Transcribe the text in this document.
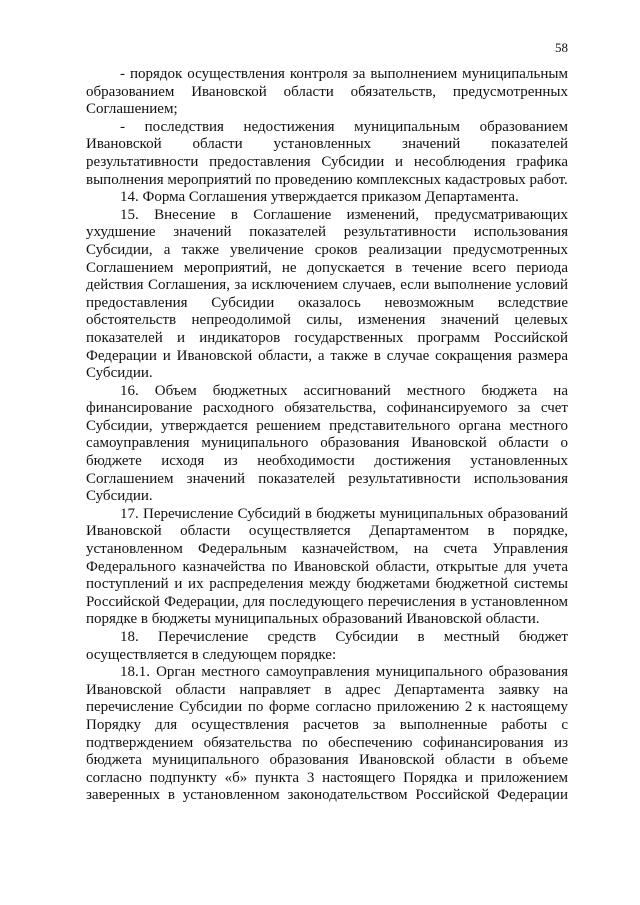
58

- порядок осуществления контроля за выполнением муниципальным образованием Ивановской области обязательств, предусмотренных Соглашением;

- последствия недостижения муниципальным образованием Ивановской области установленных значений показателей результативности предоставления Субсидии и несоблюдения графика выполнения мероприятий по проведению комплексных кадастровых работ.

14. Форма Соглашения утверждается приказом Департамента.

15. Внесение в Соглашение изменений, предусматривающих ухудшение значений показателей результативности использования Субсидии, а также увеличение сроков реализации предусмотренных Соглашением мероприятий, не допускается в течение всего периода действия Соглашения, за исключением случаев, если выполнение условий предоставления Субсидии оказалось невозможным вследствие обстоятельств непреодолимой силы, изменения значений целевых показателей и индикаторов государственных программ Российской Федерации и Ивановской области, а также в случае сокращения размера Субсидии.

16. Объем бюджетных ассигнований местного бюджета на финансирование расходного обязательства, софинансируемого за счет Субсидии, утверждается решением представительного органа местного самоуправления муниципального образования Ивановской области о бюджете исходя из необходимости достижения установленных Соглашением значений показателей результативности использования Субсидии.

17. Перечисление Субсидий в бюджеты муниципальных образований Ивановской области осуществляется Департаментом в порядке, установленном Федеральным казначейством, на счета Управления Федерального казначейства по Ивановской области, открытые для учета поступлений и их распределения между бюджетами бюджетной системы Российской Федерации, для последующего перечисления в установленном порядке в бюджеты муниципальных образований Ивановской области.

18. Перечисление средств Субсидии в местный бюджет осуществляется в следующем порядке:

18.1. Орган местного самоуправления муниципального образования Ивановской области направляет в адрес Департамента заявку на перечисление Субсидии по форме согласно приложению 2 к настоящему Порядку для осуществления расчетов за выполненные работы с подтверждением обязательства по обеспечению софинансирования из бюджета муниципального образования Ивановской области в объеме согласно подпункту «б» пункта 3 настоящего Порядка и приложением заверенных в установленном законодательством Российской Федерации
